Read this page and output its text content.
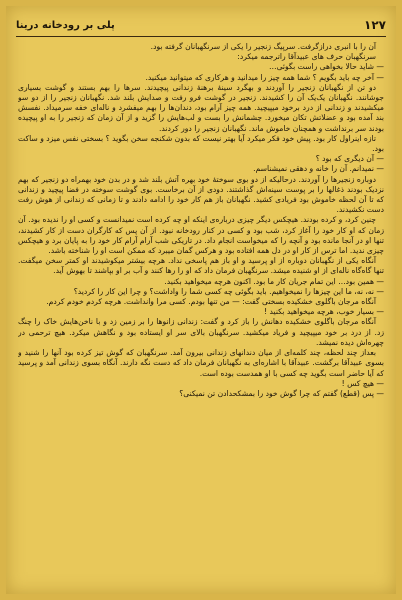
۱۲۷
پلی بر رودخانه درینا

آن را با انبری درازگرفت. سرپیگ زنجیر را یکی از سرنگهبانان گرفته بود.

سرنگهبان حرف های عبیدآقا راترجمه میکرد:

— شاید حالا بخواهی راست بگوئی…

— آخر چه باید بگویم ؟ شما همه چیز را میدانید و هرکاری که میتوانید میکنید.

دو تن از نگهبانان زنجیر را آوردند و بهگرد سینهٔ برهنهٔ زندانی پیچیدند. سرها را بهم بستند و گوشت بسیاری جوشانند. نگهبانان یک‌یک آن را کشیدند. زنجیر در گوشت فرو رفت و صدایش بلند شد. نگهبانان زنجیر را از دو سو میکشیدند و زندانی از درد برخود میپیچید. همه چیز آرام بود، دندان‌ها را بهم میفشرد و ناله‌ای خفه سرمیداد. نفسش بند آمده بود و عضلاتش تکان میخورد. چشمانش را بست و لب‌هایش را گزید و از آن زمان که زنجیر را به او پیچیده بودند سر برنداشت و همچنان خاموش ماند. نگهبانان زنجیر را دور کردند.

تازه اینراول کار بود. پیش خود فکر میکرد آیا بهتر نیست که بدون شکنجه سخن بگوید ؟ بسختی نفس میزد و ساکت بود.

— آن دیگری که بود ؟

— نمیدانم. آن را خانه و دهقی نمیشناسم.

دوباره زنجیرها را آوردند. درحالیکه از دو بوی سوختهٔ خود بهره آتش بلند شد و در بدن خود بهمراه دو زنجیر که بهم نزدیک بودند ذغالها را بر پوست سینه‌اش گذاشتند. دودی از آن برخاست. بوی گوشت سوخته در فضا پیچید و زندانی که تا آن لحظه خاموش بود فریادی کشید. نگهبانان باز هم کار خود را ادامه دادند و تا زمانی که زندانی از هوش رفت دست نکشیدند.

چنین کرد، و کرده بودند. هیچکس دیگر چیزی درباره‌ی اینکه او چه کرده است نمیدانست و کسی او را ندیده بود. آن زمان که او کار خود را آغاز کرد، شب بود و کسی در کنار رودخانه نبود. از آن پس که کارگران دست از کار کشیدند، تنها او در آنجا مانده بود و آنچه را که میخواست انجام داد. در تاریکی شب آرام آرام کار خود را به پایان برد و هیچکس چیزی ندید. اما ترس از کار او در دل همه افتاده بود و هرکس گمان میبرد که ممکن است او را شناخته باشد.

آنگاه یکی از نگهبانان دوباره از او پرسید و او باز هم پاسخی نداد. هرچه بیشتر میکوشیدند او کمتر سخن میگفت. تنها گاه‌گاه ناله‌ای از او شنیده میشد. سرنگهبان فرمان داد که او را رها کنند و آب بر او بپاشند تا بهوش آید.

— همین بود… این تمام جریان کار ما بود. اکنون هرچه میخواهید بکنید.

— نه، نه، ما این چیزها را نمیخواهیم. باید بگوئی چه کسی شما را واداشت؟ و چرا این کار را کردید؟

آنگاه مرجان باگلوی خشکیده بسختی گفت: — من تنها بودم. کسی مرا وانداشت. هرچه کردم خودم کردم.

— بسیار خوب، هرچه میخواهید بکنید !

آنگاه مرجان باگلوی خشکیده دهانش را باز کرد و گفت: زندانی زانوها را بر زمین زد و با ناخن‌هایش خاک را چنگ زد. از درد بر خود میپیچید و فریاد میکشید. سرنگهبان بالای سر او ایستاده بود و نگاهش میکرد. هیچ ترحمی در چهره‌اش دیده نمیشد.

بعداز چند لحظه، چند کلمه‌ای از میان دندانهای زندانی بیرون آمد. سرنگهبان که گوش تیز کرده بود آنها را شنید و بسوی عبیدآقا برگشت. عبیدآقا با اشاره‌ای به نگهبانان فرمان داد که دست نگه دارند. آنگاه بسوی زندانی آمد و پرسید که آیا حاضر است بگوید چه کسی با او همدست بوده است.

— هیچ کس !

— پس (قطع) گفتم که چرا گوش خود را بمشکحدادن تن نمیکنی؟
